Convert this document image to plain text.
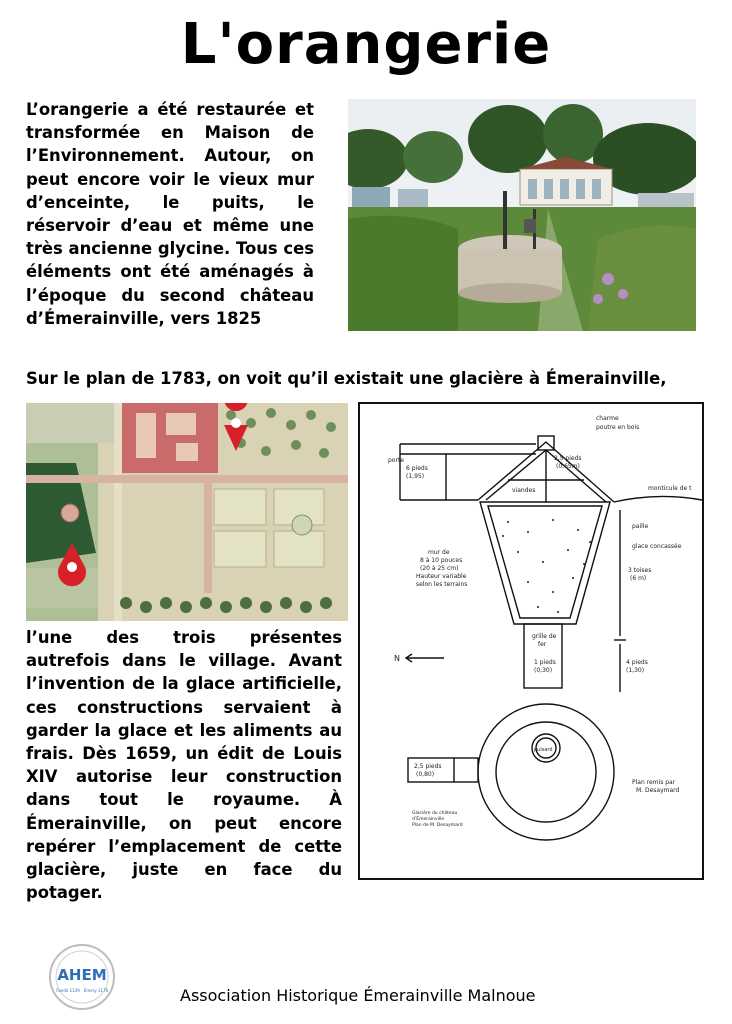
L'orangerie
L’orangerie a été restaurée et transformée en Maison de l’Environnement. Autour, on peut encore voir le vieux mur d’enceinte, le puits, le réservoir d’eau et même une très ancienne glycine. Tous ces éléments ont été aménagés à l’époque du second château d’Émerainville, vers 1825
Sur le plan de 1783, on voit qu’il existait une glacière à Émerainville,
l’une des trois présentes autrefois dans le village. Avant l’invention de la glace artificielle, ces constructions servaient à garder la glace et les aliments au frais. Dès 1659, un édit de Louis XIV autorise leur construction dans tout le royaume. À Émerainville, on peut encore repérer l’emplacement de cette glacière, juste en face du potager.
charme
poutre en bois
2,5 pieds
(0,65m)
viandes
6 pieds
(1,95)
porte
monticule de t
paille
glace concassée
mur de
8 à 10 pouces
(20 à 25 cm)
Hauteur variable
selon les terrains
3 toises
(6 m)
grille de
fer
1 pieds
(0,30)
4 pieds
(1,30)
N
2,5 pieds
(0,80)
puisard
Plan remis par
M. Desaymard
Glacière du château
d’Émerainville
Plan de M. Desaymard
AHEM
Fondé 1129 Émery 1176	Association Historique Émerainville Malnoue
